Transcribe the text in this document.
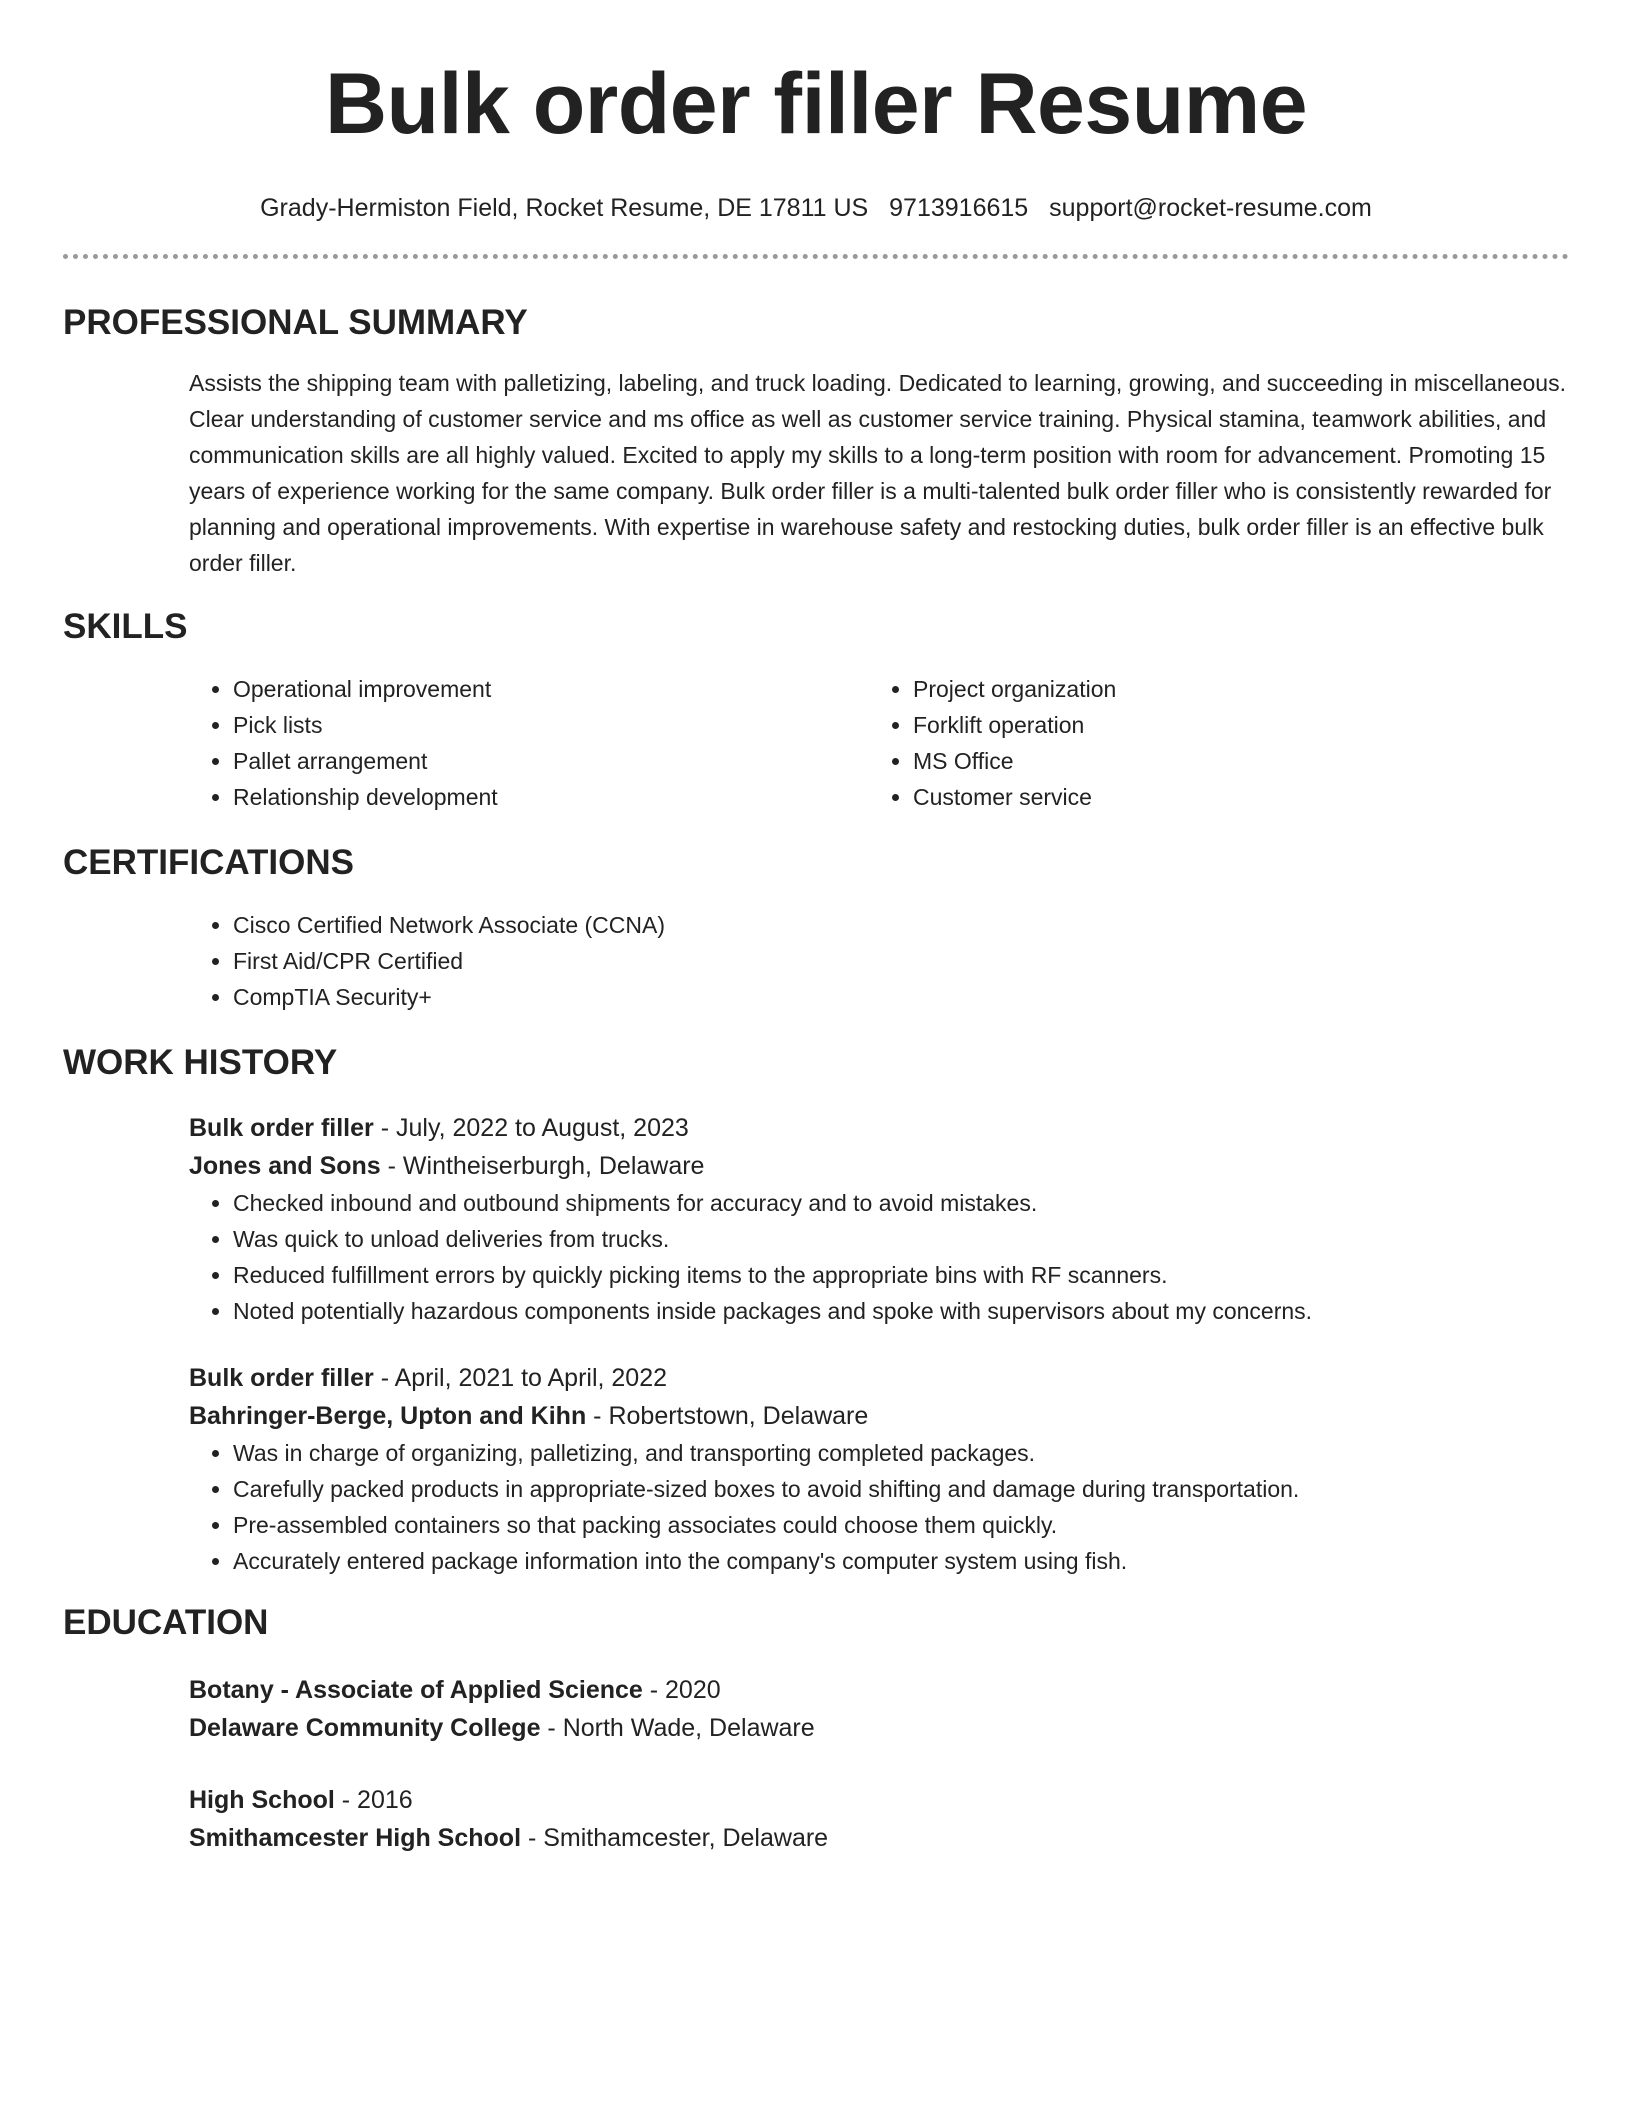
Bulk order filler Resume
Grady-Hermiston Field, Rocket Resume, DE 17811 US 9713916615 support@rocket-resume.com
PROFESSIONAL SUMMARY
Assists the shipping team with palletizing, labeling, and truck loading. Dedicated to learning, growing, and succeeding in miscellaneous. Clear understanding of customer service and ms office as well as customer service training. Physical stamina, teamwork abilities, and communication skills are all highly valued. Excited to apply my skills to a long-term position with room for advancement. Promoting 15 years of experience working for the same company. Bulk order filler is a multi-talented bulk order filler who is consistently rewarded for planning and operational improvements. With expertise in warehouse safety and restocking duties, bulk order filler is an effective bulk order filler.
SKILLS
• Operational improvement
• Pick lists
• Pallet arrangement
• Relationship development
• Project organization
• Forklift operation
• MS Office
• Customer service
CERTIFICATIONS
• Cisco Certified Network Associate (CCNA)
• First Aid/CPR Certified
• CompTIA Security+
WORK HISTORY
Bulk order filler - July, 2022 to August, 2023
Jones and Sons - Wintheiserburgh, Delaware
• Checked inbound and outbound shipments for accuracy and to avoid mistakes.
• Was quick to unload deliveries from trucks.
• Reduced fulfillment errors by quickly picking items to the appropriate bins with RF scanners.
• Noted potentially hazardous components inside packages and spoke with supervisors about my concerns.
Bulk order filler - April, 2021 to April, 2022
Bahringer-Berge, Upton and Kihn - Robertstown, Delaware
• Was in charge of organizing, palletizing, and transporting completed packages.
• Carefully packed products in appropriate-sized boxes to avoid shifting and damage during transportation.
• Pre-assembled containers so that packing associates could choose them quickly.
• Accurately entered package information into the company's computer system using fish.
EDUCATION
Botany - Associate of Applied Science - 2020
Delaware Community College - North Wade, Delaware
High School - 2016
Smithamcester High School - Smithamcester, Delaware
